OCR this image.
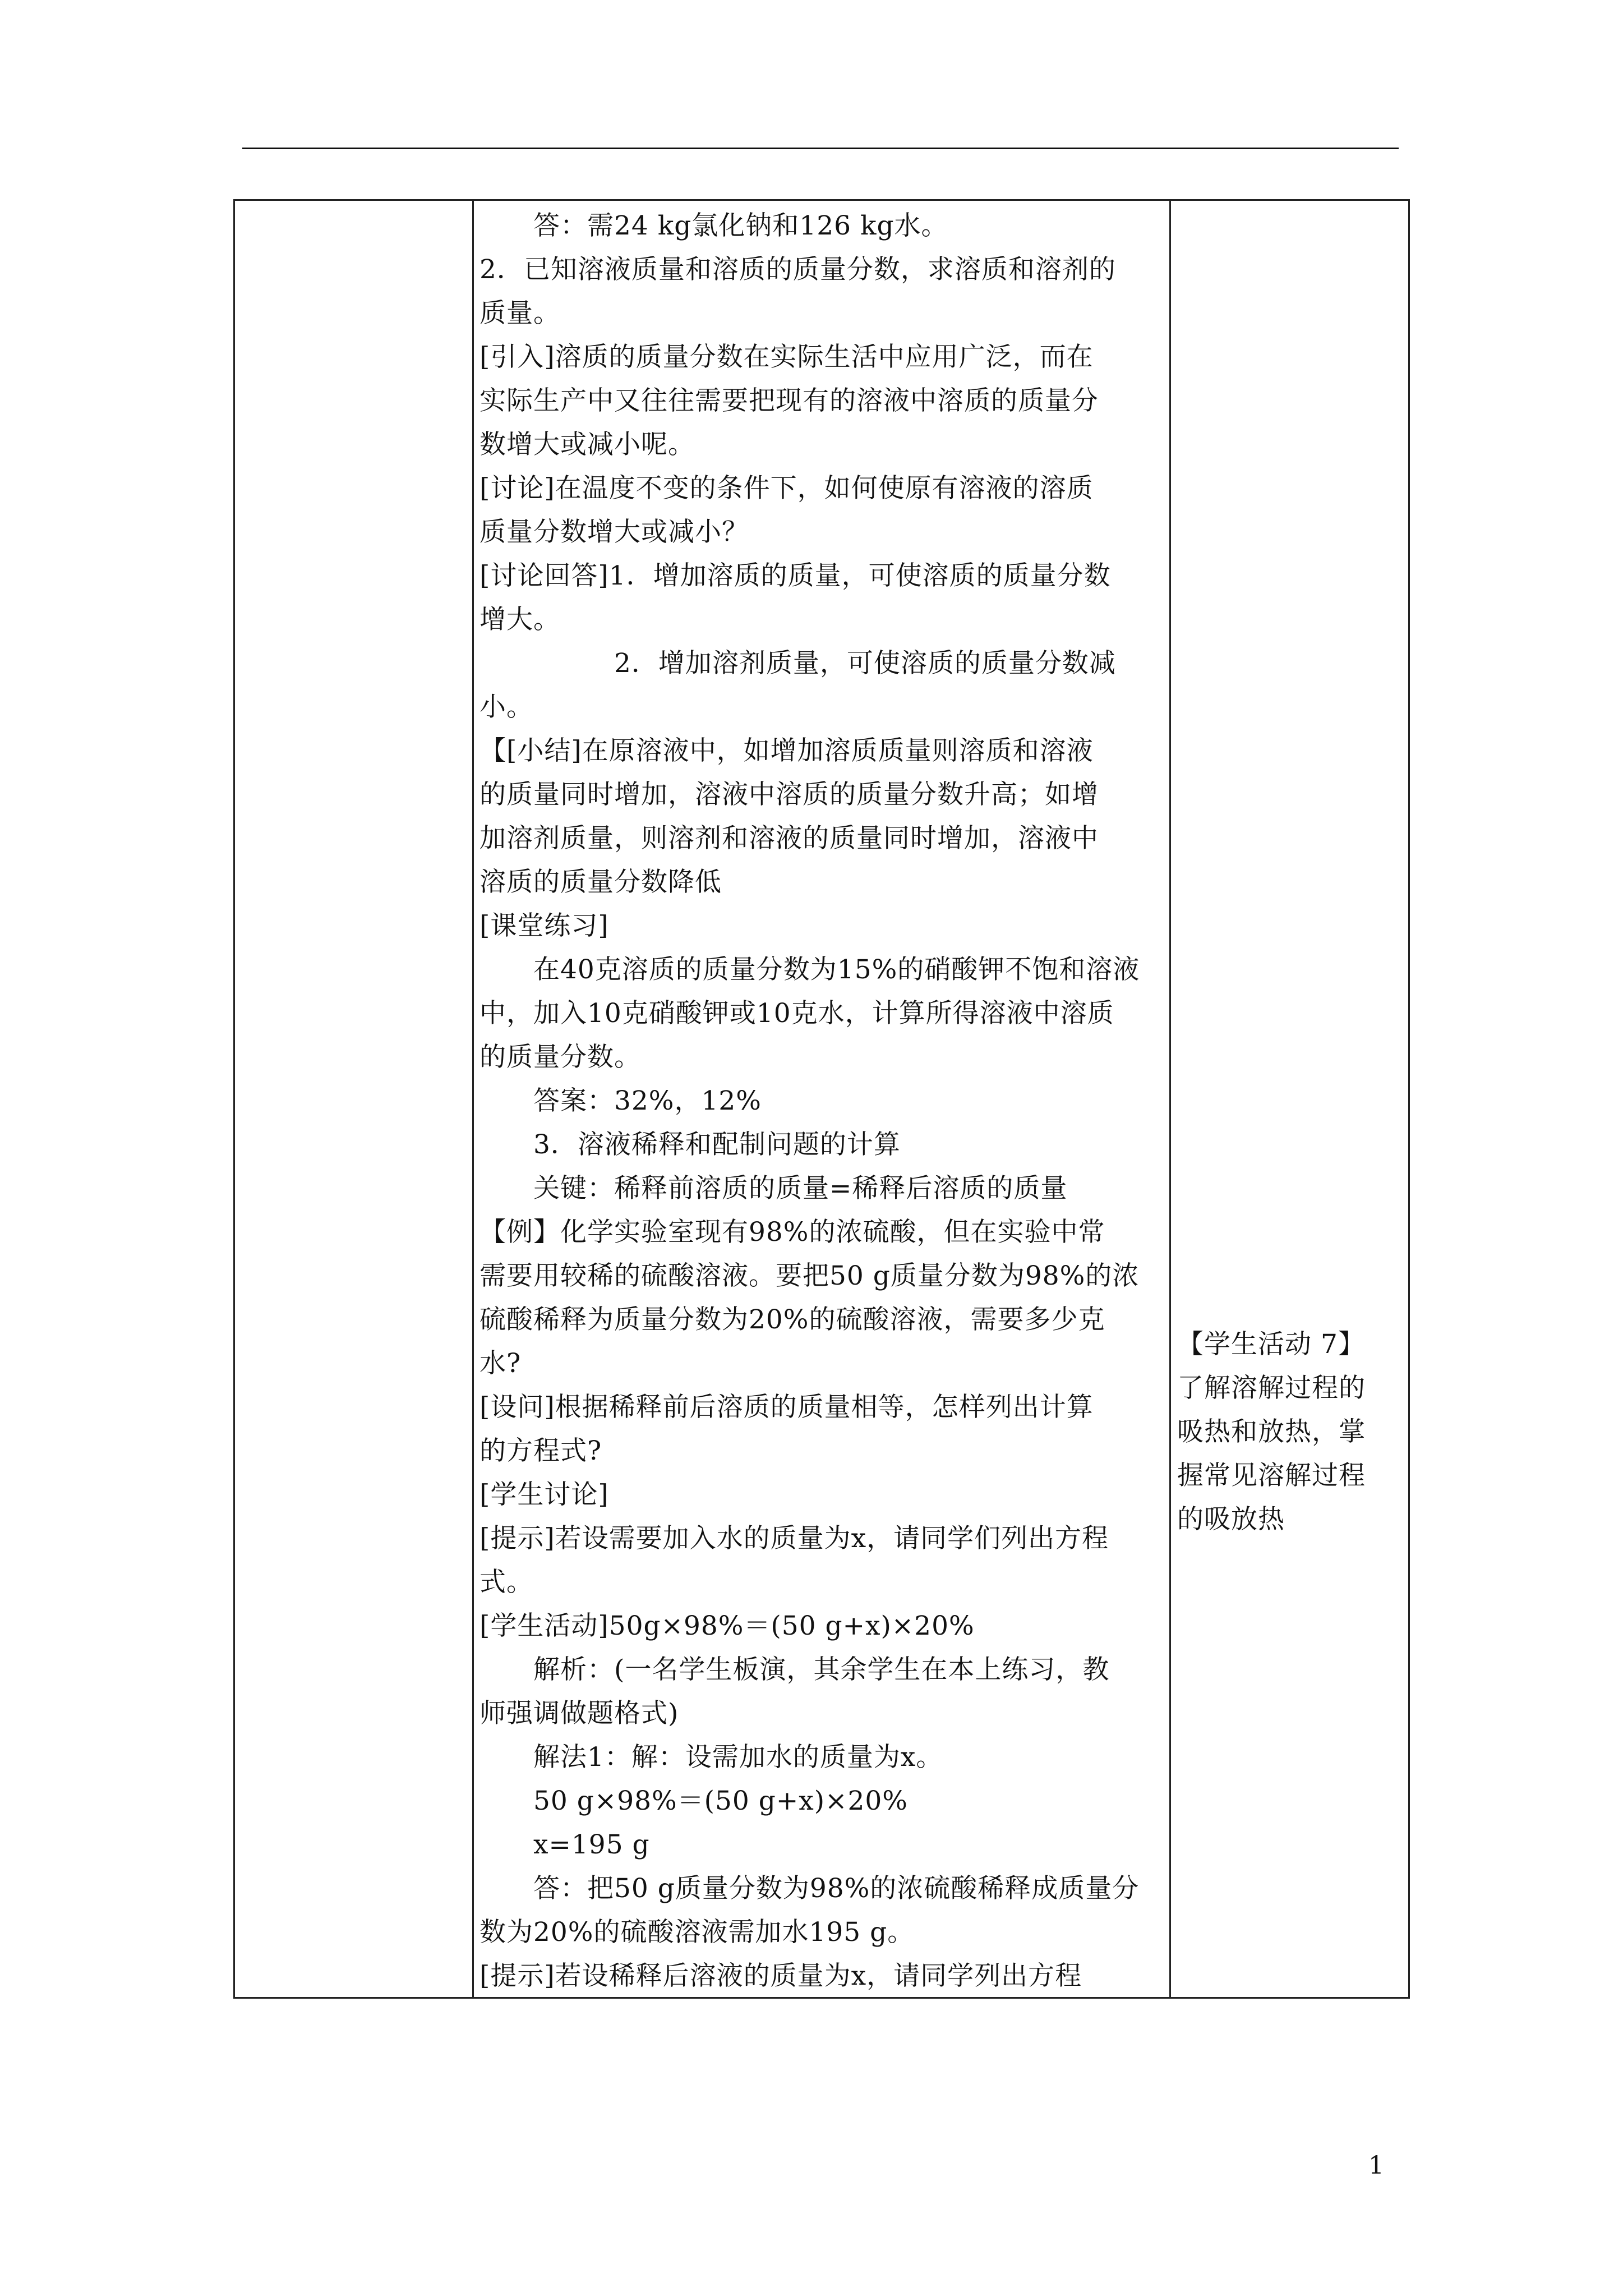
　　答：需24 kg氯化钠和126 kg水。
2．已知溶液质量和溶质的质量分数，求溶质和溶剂的
质量。
[引入]溶质的质量分数在实际生活中应用广泛，而在
实际生产中又往往需要把现有的溶液中溶质的质量分
数增大或减小呢。
[讨论]在温度不变的条件下，如何使原有溶液的溶质
质量分数增大或减小？
[讨论回答]1．增加溶质的质量，可使溶质的质量分数
增大。
　　　　　2．增加溶剂质量，可使溶质的质量分数减
小。
【[小结]在原溶液中，如增加溶质质量则溶质和溶液
的质量同时增加，溶液中溶质的质量分数升高；如增
加溶剂质量，则溶剂和溶液的质量同时增加，溶液中
溶质的质量分数降低
[课堂练习]
　　在40克溶质的质量分数为15%的硝酸钾不饱和溶液
中，加入10克硝酸钾或10克水，计算所得溶液中溶质
的质量分数。
　　答案：32%，12%
　　3．溶液稀释和配制问题的计算
　　关键：稀释前溶质的质量=稀释后溶质的质量
【例】化学实验室现有98%的浓硫酸，但在实验中常
需要用较稀的硫酸溶液。要把50 g质量分数为98%的浓
硫酸稀释为质量分数为20%的硫酸溶液，需要多少克
水?
[设问]根据稀释前后溶质的质量相等，怎样列出计算
的方程式?
[学生讨论]
[提示]若设需要加入水的质量为x，请同学们列出方程
式。
[学生活动]50g×98%＝(50 g+x)×20%
　　解析：(一名学生板演，其余学生在本上练习，教
师强调做题格式)
　　解法1：解：设需加水的质量为x。
　　50 g×98%＝(50 g+x)×20%
　　x=195 g
　　答：把50 g质量分数为98%的浓硫酸稀释成质量分
数为20%的硫酸溶液需加水195 g。
[提示]若设稀释后溶液的质量为x，请同学列出方程
【学生活动 7】
了解溶解过程的
吸热和放热，掌
握常见溶解过程
的吸放热
1
